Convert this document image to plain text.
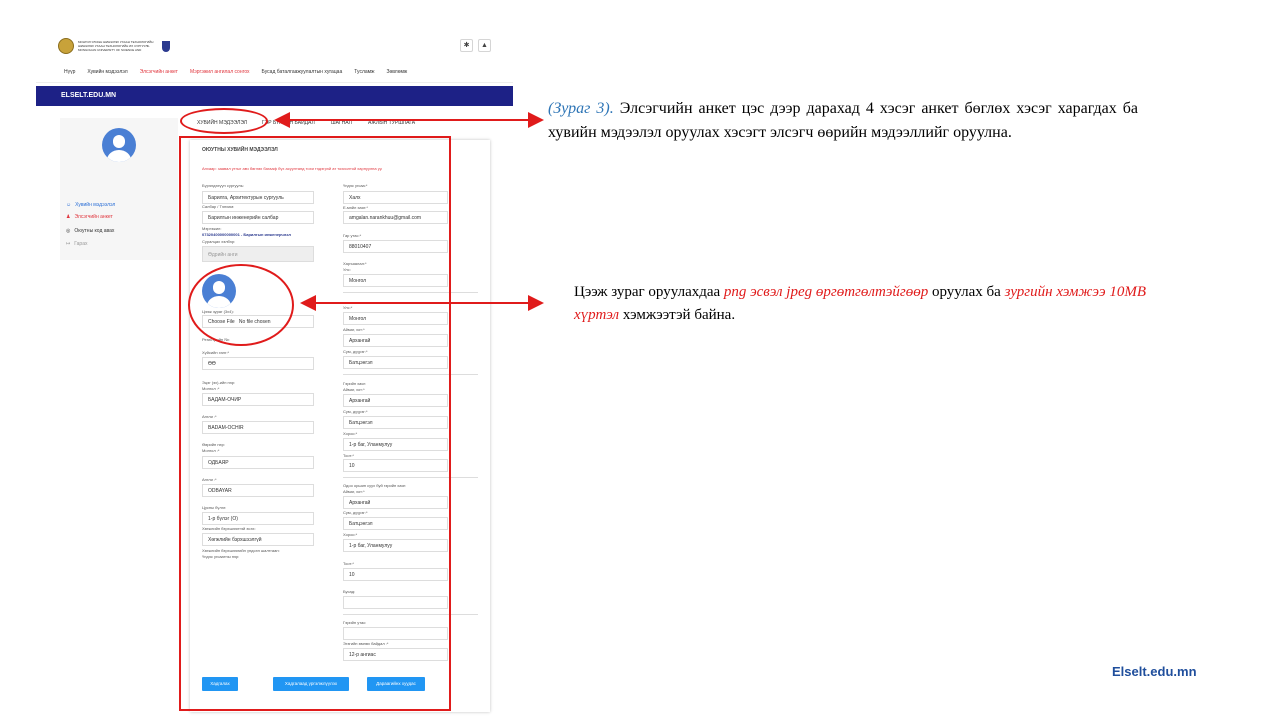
МОНГОЛ УЛСЫН ШИНЖЛЭХ УХААН ТЕХНОЛОГИЙН
ШИНЖЛЭХ УХААН ТЕХНОЛОГИЙН ИХ СУРГУУЛЬ
MONGOLIAN UNIVERSITY OF SCIENCE AND
✱	▲
Нүүр Хувийн мэдээлэл Элсэгчийн анкет Мэргэжил ангилал сонгох Бусад баталгаажуулалтын хугацаа Тусламж Зөвлөмж
ELSELT.EDU.MN
☺ Хувийн мэдээлэл
♟ Элсэгчийн анкет
◎ Оюутны код авах
↦ Гарах
ХУВИЙН МЭДЭЭЛЭЛ	ГЭР БҮЛИЙН БАЙДАЛ	ШАГНАЛ	АЖЛЫН ТУРШЛАГА
ОЮУТНЫ ХУВИЙН МЭДЭЭЛЭЛ
Анхаар: заавал утгыг авч бөглөх багааф бүх асуултанд тохи тэдэгрэй ат тохиолтой харнуулна уу.
Бүрэлдэхүүн сургууль:
Барилга, Архитектурын сургууль
Салбар / Тэнхим:
Барилгын инженерийн салбар
Мэргэжил:
07320400000000001 - Барилгын инженерчлэл
Суралцах хэлбэр:
Өдрийн анги
Цээж зураг (3х4):
Choose File No file chosen
Регистрийн №:
Хүйсийн хэлг:*
ӨӨ
Эцэг (эх)-ийн нэр:
Монгол :*
БАДАМ-ОЧИР
Англи :*
BADAM-OCHIR
Өөрийн нэр:
Монгол :*
ОДБАЯР
Англи :*
ODBAYAR
Цусны бүлэг:
1-р бүлэг (O)
Хөгжлийн бэрхшээлтэй эсэх:
Хөгжлийн бэрхшээлгүй
Хөгжлийн бэрхшээлийн үндсэн шалтгаан:
Үндэс угсаатны нэр:
Үндэс угсаа:*
Халх
Е-мэйл хаяг:*
amgalan.narankhuu@gmail.com
Гар утас:*
88010407
Харъяалал:*
Улс:
Монгол
Улс:*
Монгол
Аймаг, хот:*
Архангай
Сум, дүүрэг:*
Батцэнгэл
Гэрийн хаяг:
Аймаг, хот:*
Архангай
Сум, дүүрэг:*
Батцэнгэл
Хороо:*
1-р баг, Уланмулуу
Тоот:*
10
Одоо оршин суух буй гэрийн хаяг:
Аймаг, хот:*
Архангай
Сум, дүүрэг:*
Батцэнгэл
Хороо:*
1-р баг, Уланмулуу
Тоот:*
10
Бусад:
Гэрийн утас:
Эгэгийн өмнөх байдал :*
12-р ангиас
Хадгалах	Хадгалаад үргэлжлүүлэх	Дараагийнх хуудас
(Зураг 3). Элсэгчийн анкет цэс дээр дарахад 4 хэсэг анкет бөглөх хэсэг харагдах ба хувийн мэдээлэл оруулах хэсэгт элсэгч өөрийн мэдээллийг оруулна.
Цээж зураг оруулахдаа png эсвэл jpeg өргөтгөлтэйгөөр оруулах ба зургийн хэмжээ 10MB хүртэл хэмжээтэй байна.
Elselt.edu.mn
